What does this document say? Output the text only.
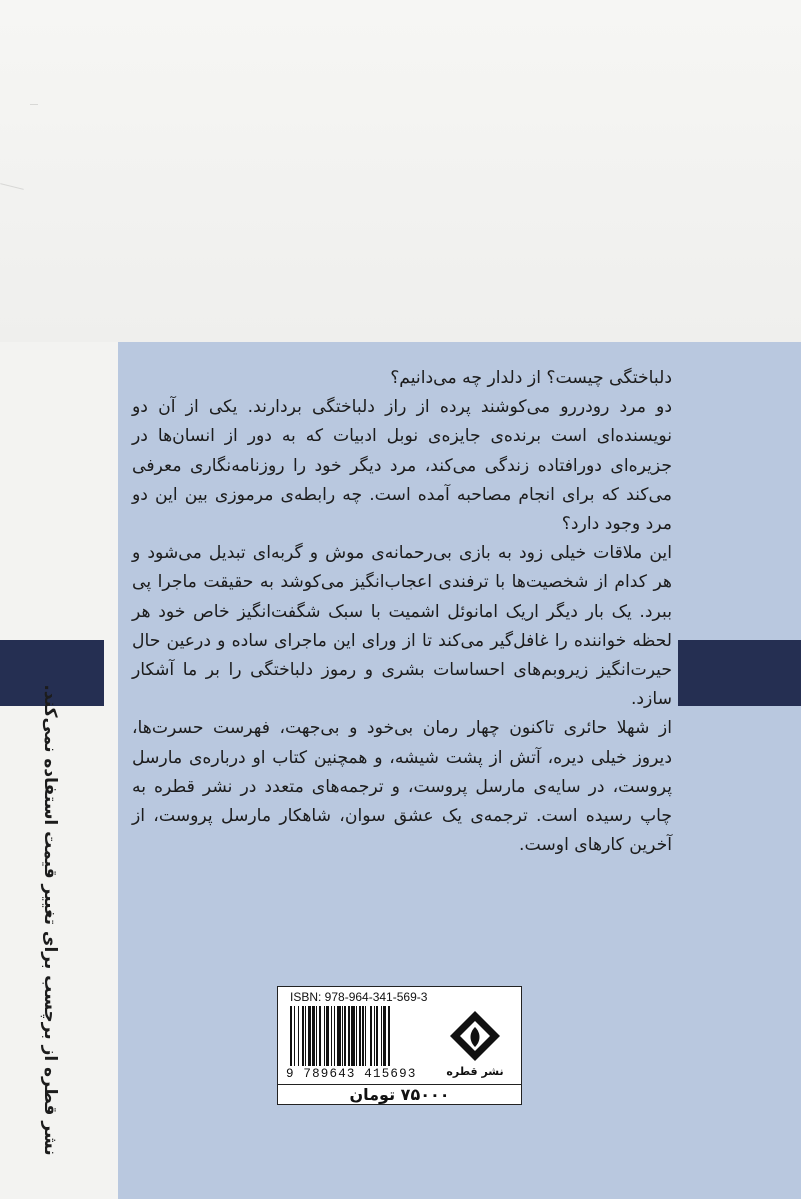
دلباختگی چیست؟ از دلدار چه می‌دانیم؟

دو مرد رودررو می‌کوشند پرده از راز دلباختگی بردارند. یکی از آن دو نویسنده‌ای است برنده‌ی جایزه‌ی نوبل ادبیات که به دور از انسان‌ها در جزیره‌ای دورافتاده زندگی می‌کند، مرد دیگر خود را روزنامه‌نگاری معرفی می‌کند که برای انجام مصاحبه آمده است. چه رابطه‌ی مرموزی بین این دو مرد وجود دارد؟

این ملاقات خیلی زود به بازی بی‌رحمانه‌ی موش و گربه‌ای تبدیل می‌شود و هر کدام از شخصیت‌ها با ترفندی اعجاب‌انگیز می‌کوشد به حقیقت ماجرا پی ببرد. یک بار دیگر اریک امانوئل اشمیت با سبک شگفت‌انگیز خاص خود هر لحظه خواننده را غافل‌گیر می‌کند تا از ورای این ماجرای ساده و درعین حال حیرت‌انگیز زیروبم‌های احساسات بشری و رموز دلباختگی را بر ما آشکار سازد.

از شهلا حائری تاکنون چهار رمان بی‌خود و بی‌جهت، فهرست حسرت‌ها، دیروز خیلی دیره، آتش از پشت شیشه، و همچنین کتاب او درباره‌ی مارسل پروست، در سایه‌ی مارسل پروست، و ترجمه‌های متعدد در نشر قطره به چاپ رسیده است. ترجمه‌ی یک عشق سوان، شاهکار مارسل پروست، از آخرین کارهای اوست.

نشر قطره از برچسب برای تغییر قیمت استفاده نمی‌کند.	ISBN: 978-964-341-569-3
9 789643 415693	نشر قطره
۷۵۰۰۰ تومان
